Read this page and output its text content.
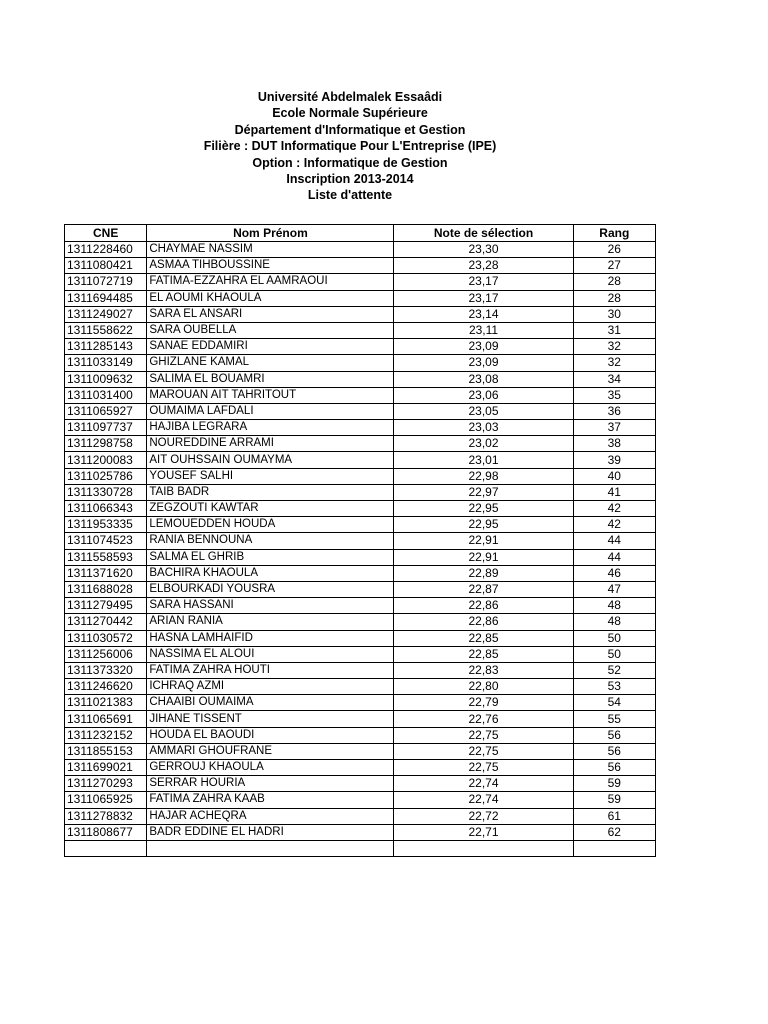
Université Abdelmalek Essaâdi
Ecole Normale Supérieure
Département d'Informatique et Gestion
Filière : DUT Informatique Pour L'Entreprise (IPE)
Option : Informatique de Gestion
Inscription 2013-2014
Liste d'attente
CNE	Nom Prénom	Note de sélection	Rang
1311228460	CHAYMAE NASSIM	23,30	26
1311080421	ASMAA TIHBOUSSINE	23,28	27
1311072719	FATIMA-EZZAHRA EL AAMRAOUI	23,17	28
1311694485	EL AOUMI KHAOULA	23,17	28
1311249027	SARA EL ANSARI	23,14	30
1311558622	SARA OUBELLA	23,11	31
1311285143	SANAE EDDAMIRI	23,09	32
1311033149	GHIZLANE KAMAL	23,09	32
1311009632	SALIMA EL BOUAMRI	23,08	34
1311031400	MAROUAN AIT TAHRITOUT	23,06	35
1311065927	OUMAIMA LAFDALI	23,05	36
1311097737	HAJIBA LEGRARA	23,03	37
1311298758	NOUREDDINE ARRAMI	23,02	38
1311200083	AIT OUHSSAIN OUMAYMA	23,01	39
1311025786	YOUSEF SALHI	22,98	40
1311330728	TAIB BADR	22,97	41
1311066343	ZEGZOUTI KAWTAR	22,95	42
1311953335	LEMOUEDDEN HOUDA	22,95	42
1311074523	RANIA BENNOUNA	22,91	44
1311558593	SALMA EL GHRIB	22,91	44
1311371620	BACHIRA KHAOULA	22,89	46
1311688028	ELBOURKADI YOUSRA	22,87	47
1311279495	SARA HASSANI	22,86	48
1311270442	ARIAN RANIA	22,86	48
1311030572	HASNA LAMHAIFID	22,85	50
1311256006	NASSIMA EL ALOUI	22,85	50
1311373320	FATIMA ZAHRA HOUTI	22,83	52
1311246620	ICHRAQ AZMI	22,80	53
1311021383	CHAAIBI OUMAIMA	22,79	54
1311065691	JIHANE TISSENT	22,76	55
1311232152	HOUDA EL BAOUDI	22,75	56
1311855153	AMMARI GHOUFRANE	22,75	56
1311699021	GERROUJ KHAOULA	22,75	56
1311270293	SERRAR HOURIA	22,74	59
1311065925	FATIMA ZAHRA KAAB	22,74	59
1311278832	HAJAR ACHEQRA	22,72	61
1311808677	BADR EDDINE EL HADRI	22,71	62
